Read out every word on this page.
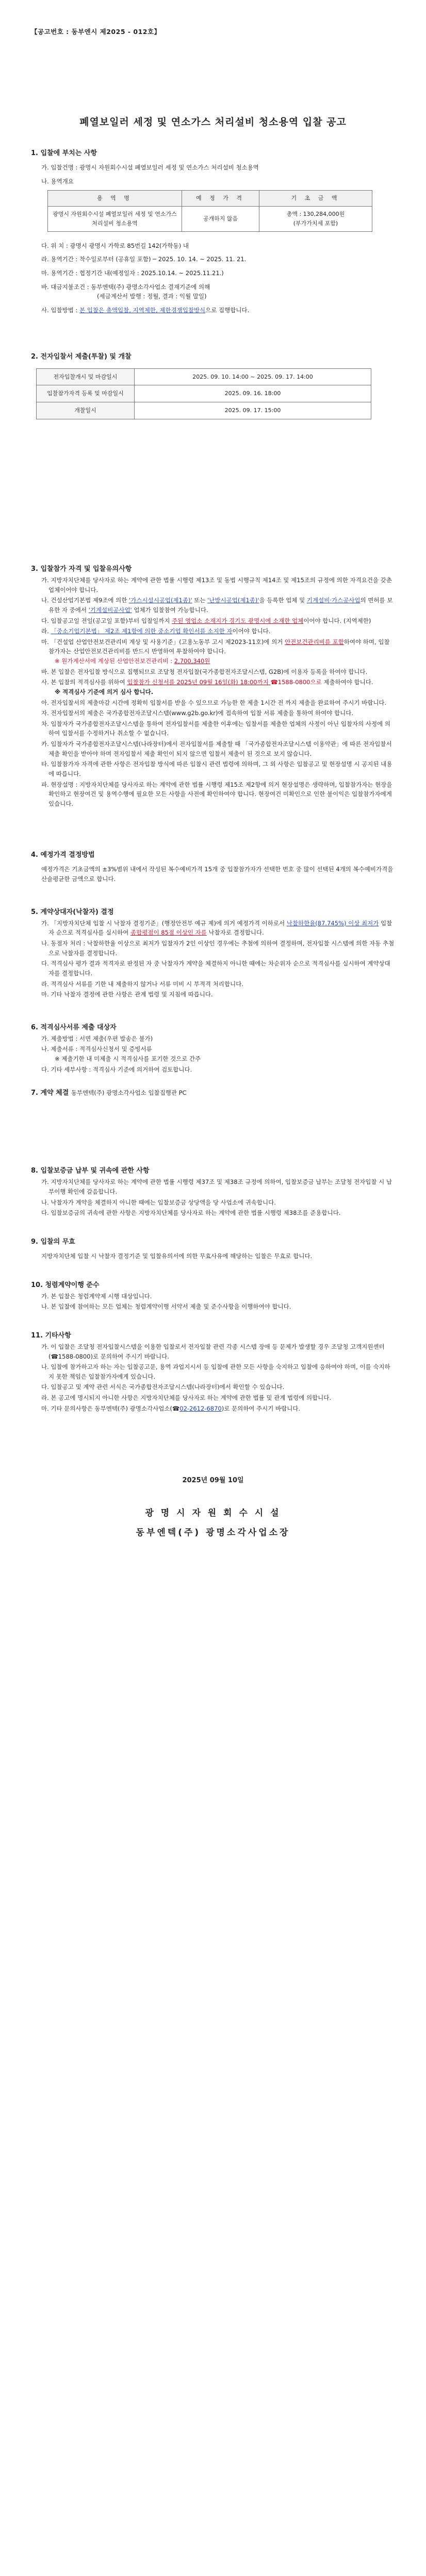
【공고번호 : 동부엔시 제2025 - 012호】
폐열보일러 세정 및 연소가스 처리설비 청소용역 입찰 공고
1. 입찰에 부치는 사항
가. 입찰건명 : 광명시 자원회수시설 폐열보일러 세정 및 연소가스 처리설비 청소용역
나. 용역개요
용 역 명	예 정 가 격	기 초 금 액
광명시 자원회수시설 폐열보일러 세정 및 연소가스 처리설비 청소용역	공개하지 않음	총액 : 130,284,000원
(부가가치세 포함)
다. 위 치 : 광명시 광명시 가학로 85번길 142(가학동) 내
라. 용역기간 : 착수일로부터 (공휴일 포함) ─ 2025. 10. 14. ~ 2025. 11. 21.
마. 용역기간 : 협정기간 내(예정일자 : 2025.10.14. ~ 2025.11.21.)
바. 대금지불조건 : 동부엔택(주) 광명소각사업소 결재기준에 의해
(세금계산서 발행 : 정월, 결과 : 익월 말일)
사. 입찰방법 : 본 입찰은 총액입찰, 지역제한, 제한경쟁입찰방식으로 집행합니다.
2. 전자입찰서 제출(투찰) 및 개찰
전자입찰개시 및 마감일시	2025. 09. 10. 14:00 ~ 2025. 09. 17. 14:00
입찰참가자격 등록 및 마감일시	2025. 09. 16. 18:00
개찰일시	2025. 09. 17. 15:00
3. 입찰참가 자격 및 입찰유의사항
가. 지방자치단체를 당사자로 하는 계약에 관한 법률 시행령 제13조 및 동법 시행규칙 제14조 및 제15조의 규정에 의한 자격요건을 갖춘 업체이어야 합니다.
나. 건설산업기본법 제9조에 의한 '가스시설시공업(제1종)' 또는 '난방시공업(제1종)'을 등록한 업체 및 기계설비·가스공사업의 면허를 보유한 자 중에서 '기계설비공사업' 업체가 입찰참여 가능합니다.
다. 입찰공고일 전일(공고일 포함)부터 입찰일까지 주된 영업소 소재지가 경기도 광명시에 소재한 업체이어야 합니다. (지역제한)
라. 「중소기업기본법」 제2조 제1항에 의한 중소기업 확인서를 소지한 자이어야 합니다.
마. 「건설업 산업안전보건관리비 계상 및 사용기준」(고용노동부 고시 제2023-11호)에 의거 안전보건관리비를 포함하여야 하며, 입찰참가자는 산업안전보건관리비를 반드시 반영하여 투찰하여야 합니다.
※ 원가계산서에 계상된 산업안전보건관리비 : 2,700,340원
바. 본 입찰은 전자입찰 방식으로 집행되므로 조달청 전자입찰(국가종합전자조달시스템, G2B)에 이용자 등록을 하여야 합니다.
사. 본 입찰의 적격심사를 위하여 입찰참가 신청서를 2025년 09월 16일(화) 18:00까지 ☎1588-0800으로 제출하여야 합니다.
※ 적격심사 기준에 의거 심사 합니다.
아. 전자입찰서의 제출마감 시간에 정확히 입찰서를 받을 수 있으므로 가능한 한 제출 1시간 전 까지 제출을 완료하여 주시기 바랍니다.
자. 전자입찰서의 제출은 국가종합전자조달시스템(www.g2b.go.kr)에 접속하여 입찰 서류 제출을 통하여 하여야 합니다.
차. 입찰자가 국가종합전자조달시스템을 통하여 전자입찰서를 제출한 이후에는 입찰서를 제출한 업체의 사정이 아닌 입찰자의 사정에 의하여 입찰서를 수정하거나 취소할 수 없습니다.
카. 입찰자가 국가종합전자조달시스템(나라장터)에서 전자입찰서를 제출할 때 「국가종합전자조달시스템 이용약관」에 따른 전자입찰서 제출 확인을 받아야 하며 전자입찰서 제출 확인이 되지 않으면 입찰서 제출이 된 것으로 보지 않습니다.
타. 입찰참가자 자격에 관한 사항은 전자입찰 방식에 따른 입찰시 관련 법령에 의하며, 그 외 사항은 입찰공고 및 현장설명 시 공지된 내용에 따릅니다.
파. 현장설명 : 지방자치단체를 당사자로 하는 계약에 관한 법률 시행령 제15조 제2항에 의거 현장설명은 생략하며, 입찰참가자는 현장을 확인하고 현장여건 및 용역수행에 필요한 모든 사항을 사전에 확인하여야 합니다. 현장여건 미확인으로 인한 불이익은 입찰참가자에게 있습니다.
4. 예정가격 결정방법
예정가격은 기초금액의 ±3%범위 내에서 작성된 복수예비가격 15개 중 입찰참가자가 선택한 번호 중 많이 선택된 4개의 복수예비가격을 산술평균한 금액으로 합니다.
5. 계약상대자(낙찰자) 결정
가. 「지방자치단체 입찰 시 낙찰자 결정기준」(행정안전부 예규 제)에 의거 예정가격 이하로서 낙찰하한율(87.745%) 이상 최저가 입찰자 순으로 적격심사를 실시하여 종합평점이 85점 이상인 자를 낙찰자로 결정합니다.
나. 동점자 처리 : 낙찰하한율 이상으로 최저가 입찰자가 2인 이상인 경우에는 추첨에 의하여 결정하며, 전자입찰 시스템에 의한 자동 추첨으로 낙찰자를 결정합니다.
다. 적격심사 평가 결과 적격자로 판정된 자 중 낙찰자가 계약을 체결하지 아니한 때에는 차순위자 순으로 적격심사를 실시하여 계약상대자를 결정합니다.
라. 적격심사 서류를 기한 내 제출하지 않거나 서류 미비 시 부적격 처리합니다.
마. 기타 낙찰자 결정에 관한 사항은 관계 법령 및 지침에 따릅니다.
6. 적격심사서류 제출 대상자
가. 제출방법 : 서면 제출(우편 발송은 불가)
나. 제출서류 : 적격심사신청서 및 증빙서류
※ 제출기한 내 미제출 시 적격심사를 포기한 것으로 간주
다. 기타 세부사항 : 적격심사 기준에 의거하여 검토합니다.
7. 계약 체결 동부엔텍(주) 광명소각사업소 입찰집행관 PC
8. 입찰보증금 납부 및 귀속에 관한 사항
가. 지방자치단체를 당사자로 하는 계약에 관한 법률 시행령 제37조 및 제38조 규정에 의하여, 입찰보증금 납부는 조달청 전자입찰 시 납부이행 확인에 갈음합니다.
나. 낙찰자가 계약을 체결하지 아니한 때에는 입찰보증금 상당액을 당 사업소에 귀속합니다.
다. 입찰보증금의 귀속에 관한 사항은 지방자치단체를 당사자로 하는 계약에 관한 법률 시행령 제38조를 준용합니다.
9. 입찰의 무효
지방자치단체 입찰 시 낙찰자 결정기준 및 입찰유의서에 의한 무효사유에 해당하는 입찰은 무효로 합니다.
10. 청렴계약이행 준수
가. 본 입찰은 청렴계약제 시행 대상입니다.
나. 본 입찰에 참여하는 모든 업체는 청렴계약이행 서약서 제출 및 준수사항을 이행하여야 합니다.
11. 기타사항
가. 이 입찰은 조달청 전자입찰시스템을 이용한 입찰로서 전자입찰 관련 각종 시스템 장애 등 문제가 발생할 경우 조달청 고객지원센터(☎1588-0800)로 문의하여 주시기 바랍니다.
나. 입찰에 참가하고자 하는 자는 입찰공고문, 용역 과업지시서 등 입찰에 관한 모든 사항을 숙지하고 입찰에 응하여야 하며, 이를 숙지하지 못한 책임은 입찰참가자에게 있습니다.
다. 입찰공고 및 계약 관련 서식은 국가종합전자조달시스템(나라장터)에서 확인할 수 있습니다.
라. 본 공고에 명시되지 아니한 사항은 지방자치단체를 당사자로 하는 계약에 관한 법률 및 관계 법령에 의합니다.
마. 기타 문의사항은 동부엔텍(주) 광명소각사업소(☎02-2612-6870)로 문의하여 주시기 바랍니다.
2025년 09월 10일
광 명 시 자 원 회 수 시 설
동부엔텍(주) 광명소각사업소장
